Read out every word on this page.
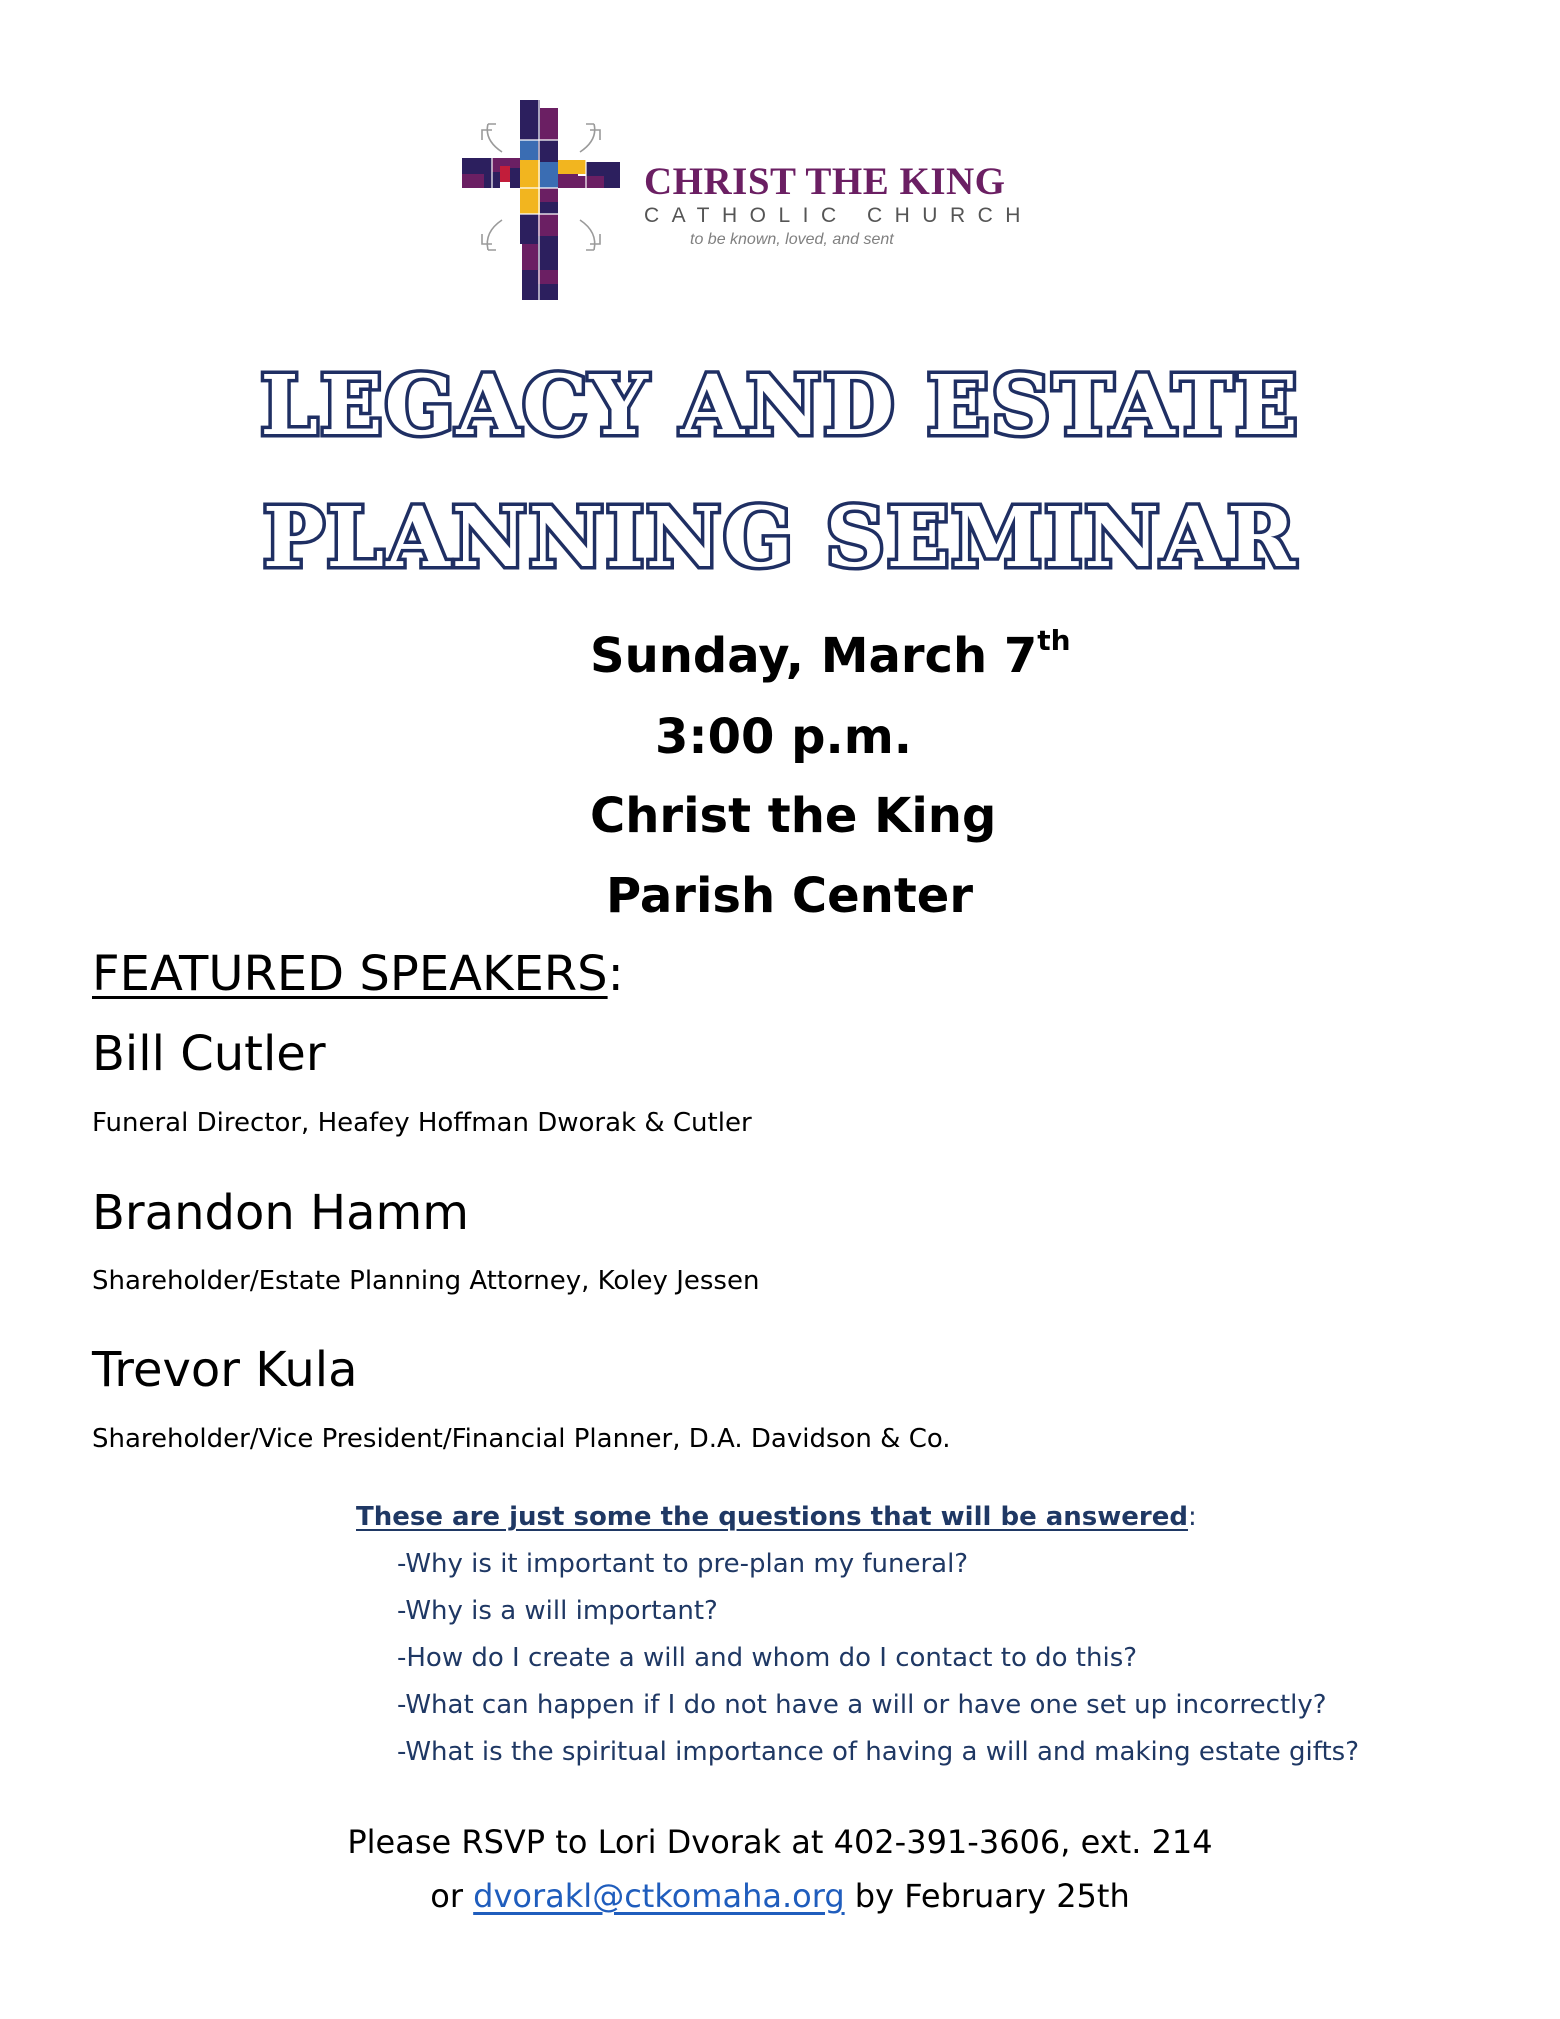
CHRIST THE KING
CATHOLIC CHURCH
to be known, loved, and sent
LEGACY AND ESTATE
PLANNING SEMINAR
Sunday, March 7th
3:00 p.m.
Christ the King
Parish Center
FEATURED SPEAKERS:
Bill Cutler
Funeral Director, Heafey Hoffman Dworak & Cutler
Brandon Hamm
Shareholder/Estate Planning Attorney, Koley Jessen
Trevor Kula
Shareholder/Vice President/Financial Planner, D.A. Davidson & Co.
These are just some the questions that will be answered:
-Why is it important to pre-plan my funeral?
-Why is a will important?
-How do I create a will and whom do I contact to do this?
-What can happen if I do not have a will or have one set up incorrectly?
-What is the spiritual importance of having a will and making estate gifts?
Please RSVP to Lori Dvorak at 402-391-3606, ext. 214
or dvorakl@ctkomaha.org by February 25th
